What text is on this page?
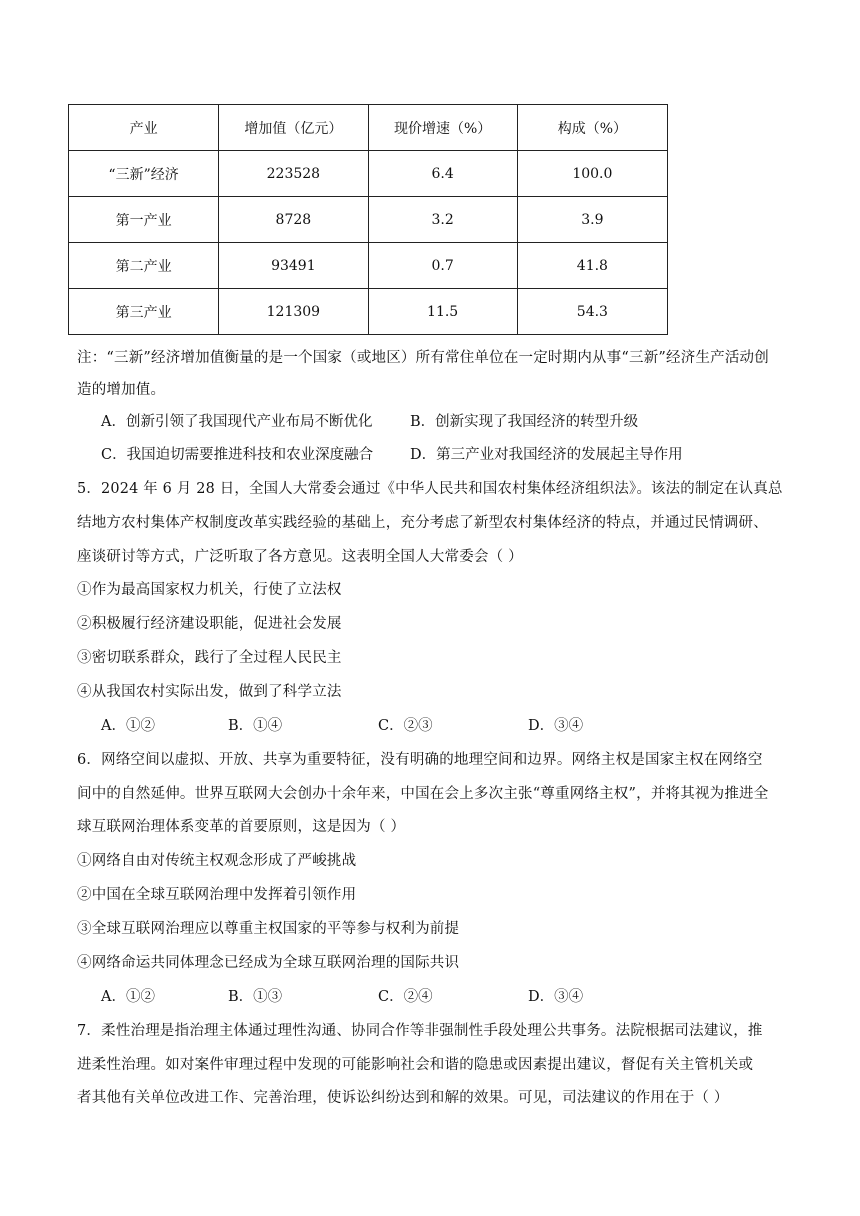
产业	增加值（亿元）	现价增速（%）	构成（%）
“三新”经济	223528	6.4	100.0
第一产业	8728	3.2	3.9
第二产业	93491	0.7	41.8
第三产业	121309	11.5	54.3
注：“三新”经济增加值衡量的是一个国家（或地区）所有常住单位在一定时期内从事“三新”经济生产活动创
造的增加值。
A．创新引领了我国现代产业布局不断优化	B．创新实现了我国经济的转型升级
C．我国迫切需要推进科技和农业深度融合	D．第三产业对我国经济的发展起主导作用
5．2024 年 6 月 28 日，全国人大常委会通过《中华人民共和国农村集体经济组织法》。该法的制定在认真总
结地方农村集体产权制度改革实践经验的基础上，充分考虑了新型农村集体经济的特点，并通过民情调研、
座谈研讨等方式，广泛听取了各方意见。这表明全国人大常委会（ ）
①作为最高国家权力机关，行使了立法权
②积极履行经济建设职能，促进社会发展
③密切联系群众，践行了全过程人民民主
④从我国农村实际出发，做到了科学立法
A．①②	B．①④	C．②③	D．③④
6．网络空间以虚拟、开放、共享为重要特征，没有明确的地理空间和边界。网络主权是国家主权在网络空
间中的自然延伸。世界互联网大会创办十余年来，中国在会上多次主张“尊重网络主权”，并将其视为推进全
球互联网治理体系变革的首要原则，这是因为（ ）
①网络自由对传统主权观念形成了严峻挑战
②中国在全球互联网治理中发挥着引领作用
③全球互联网治理应以尊重主权国家的平等参与权利为前提
④网络命运共同体理念已经成为全球互联网治理的国际共识
A．①②	B．①③	C．②④	D．③④
7．柔性治理是指治理主体通过理性沟通、协同合作等非强制性手段处理公共事务。法院根据司法建议，推
进柔性治理。如对案件审理过程中发现的可能影响社会和谐的隐患或因素提出建议，督促有关主管机关或
者其他有关单位改进工作、完善治理，使诉讼纠纷达到和解的效果。可见，司法建议的作用在于（ ）
